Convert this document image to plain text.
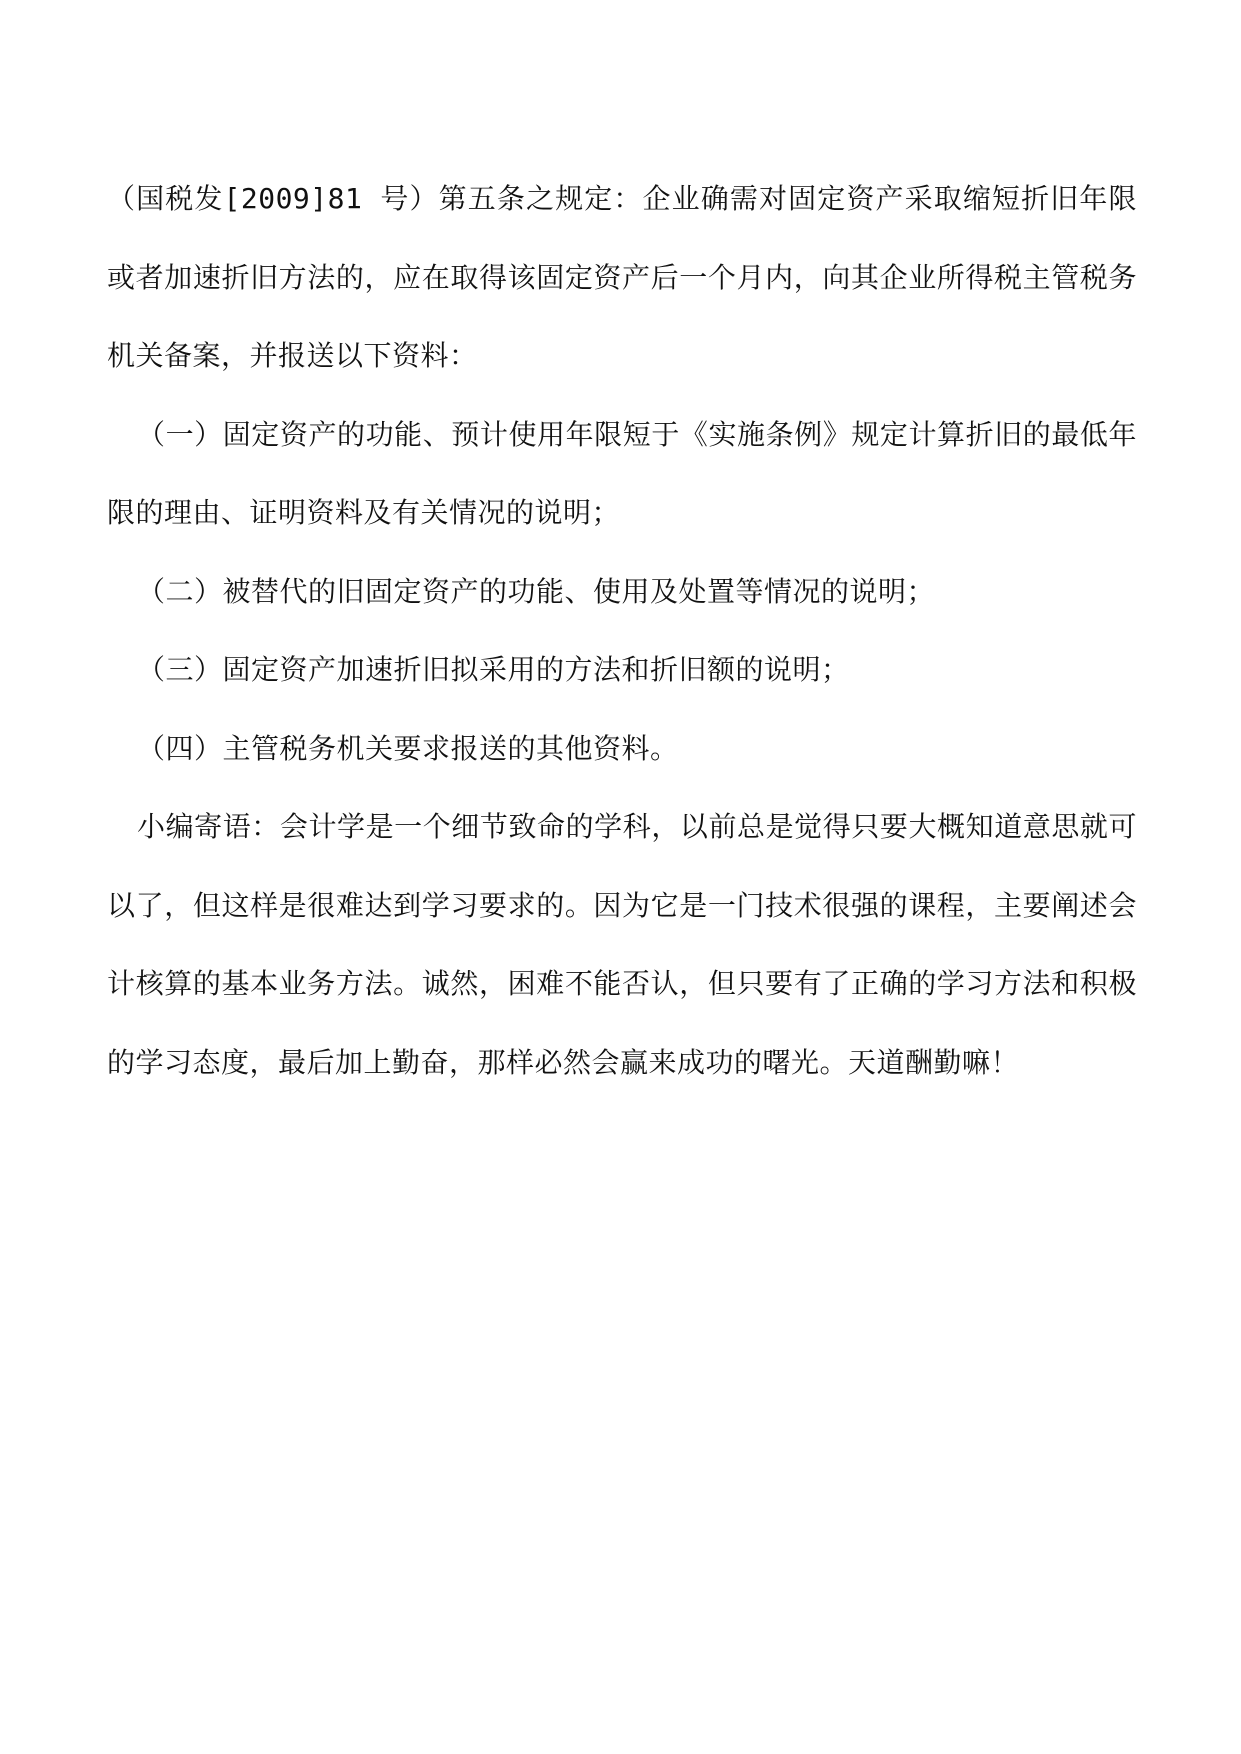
（国税发[2009]81 号）第五条之规定：企业确需对固定资产采取缩短折旧年限或者加速折旧方法的，应在取得该固定资产后一个月内，向其企业所得税主管税务机关备案，并报送以下资料：

（一）固定资产的功能、预计使用年限短于《实施条例》规定计算折旧的最低年限的理由、证明资料及有关情况的说明；

（二）被替代的旧固定资产的功能、使用及处置等情况的说明；

（三）固定资产加速折旧拟采用的方法和折旧额的说明；

（四）主管税务机关要求报送的其他资料。

小编寄语：会计学是一个细节致命的学科，以前总是觉得只要大概知道意思就可以了，但这样是很难达到学习要求的。因为它是一门技术很强的课程，主要阐述会计核算的基本业务方法。诚然，困难不能否认，但只要有了正确的学习方法和积极的学习态度，最后加上勤奋，那样必然会赢来成功的曙光。天道酬勤嘛！
